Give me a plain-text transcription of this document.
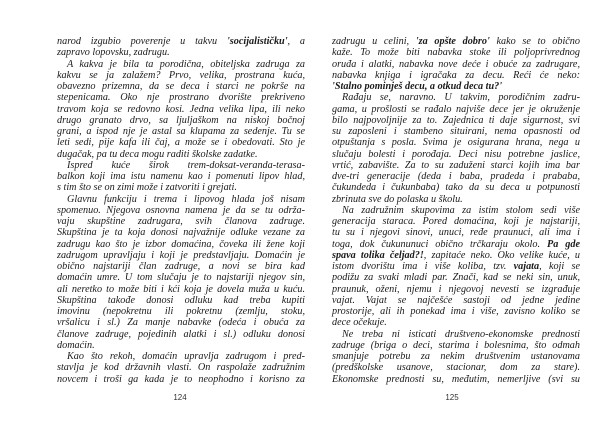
narod izgubio poverenje u takvu 'socijalističku', a
zapravo lopovsku, zadrugu.
A kakva je bila ta porodična, obiteljska zadruga za
kakvu se ja zalažem? Prvo, velika, prostrana kuća,
obavezno prizemna, da se deca i starci ne pokrše na
stepenicama. Oko nje prostrano dvorište prekriveno
travom koja se redovno kosi. Jedna velika lipa, ili neko
drugo granato drvo, sa ljuljaškom na niskoj bočnoj
grani, a ispod nje je astal sa klupama za sedenje. Tu se
leti sedi, pije kafa ili čaj, a može se i obedovati. Sto je
dugačak, pa tu deca mogu raditi školske zadatke.
Ispred kuće širok trem-doksat-veranda-terasa-
balkon koji ima istu namenu kao i pomenuti lipov hlad,
s tim što se on zimi može i zatvoriti i grejati.
Glavnu funkciju i trema i lipovog hlada još nisam
spomenuo. Njegova osnovna namena je da se tu održa-
vaju skupštine zadrugara, svih članova zadruge.
Skupština je ta koja donosi najvažnije odluke vezane za
zadrugu kao što je izbor domaćina, čoveka ili žene koji
zadrugom upravljaju i koji je predstavljaju. Domaćin je
obično najstariji član zadruge, a novi se bira kad
domaćin umre. U tom slučaju je to najstariji njegov sin,
ali neretko to može biti i kći koja je dovela muža u kuću.
Skupština takođe donosi odluku kad treba kupiti
imovinu (nepokretnu ili pokretnu (zemlju, stoku,
vršalicu i sl.) Za manje nabavke (odeća i obuća za
članove zadruge, pojedinih alatki i sl.) odluku donosi
domaćin.
Kao što rekoh, domaćin upravlja zadrugom i pred-
stavlja je kod državnih vlasti. On raspolaže zadružnim
novcem i troši ga kada je to neophodno i korisno za
zadrugu u celini, 'za opšte dobro' kako se to obično
kaže. To može biti nabavka stoke ili poljoprivrednog
oruđa i alatki, nabavka nove deće i obuće za zadrugare,
nabavka knjiga i igračaka za decu. Reći će neko:
'Stalno pominješ decu, a otkud deca tu?'
Rađaju se, naravno. U takvim, porodičnim zadru-
gama, u prošlosti se rađalo najviše dece jer je okruženje
bilo najpovoljnije za to. Zajednica ti daje sigurnost, svi
su zaposleni i stambeno situirani, nema opasnosti od
otpuštanja s posla. Svima je osigurana hrana, nega u
slučaju bolesti i porođaja. Deci nisu potrebne jaslice,
vrtić, zabavište. Za to su zaduženi starci kojih ima bar
dve-tri generacije (deda i baba, pradeda i prababa,
čukundeda i čukunbaba) tako da su deca u potpunosti
zbrinuta sve do polaska u školu.
Na zadružnim skupovima za istim stolom sedi više
generacija staraca. Pored domaćina, koji je najstariji,
tu su i njegovi sinovi, unuci, ređe praunuci, ali ima i
toga, dok čukununuci obično trčkaraju okolo. Pa gde
spava tolika čeljad?!, zapitaće neko. Oko velike kuće, u
istom dvorištu ima i više koliba, tzv. vajata, koji se
podižu za svaki mladi par. Znači, kad se neki sin, unuk,
praunuk, oženi, njemu i njegovoj nevesti se izgrađuje
vajat. Vajat se najčešće sastoji od jedne jedine
prostorije, ali ih ponekad ima i više, zavisno koliko se
dece očekuje.
Ne treba ni isticati društveno-ekonomske prednosti
zadruge (briga o deci, starima i bolesnima, što odmah
smanjuje potrebu za nekim društvenim ustanovama
(predškolske usanove, stacionar, dom za stare).
Ekonomske prednosti su, međutim, nemerljive (svi su
124	125
